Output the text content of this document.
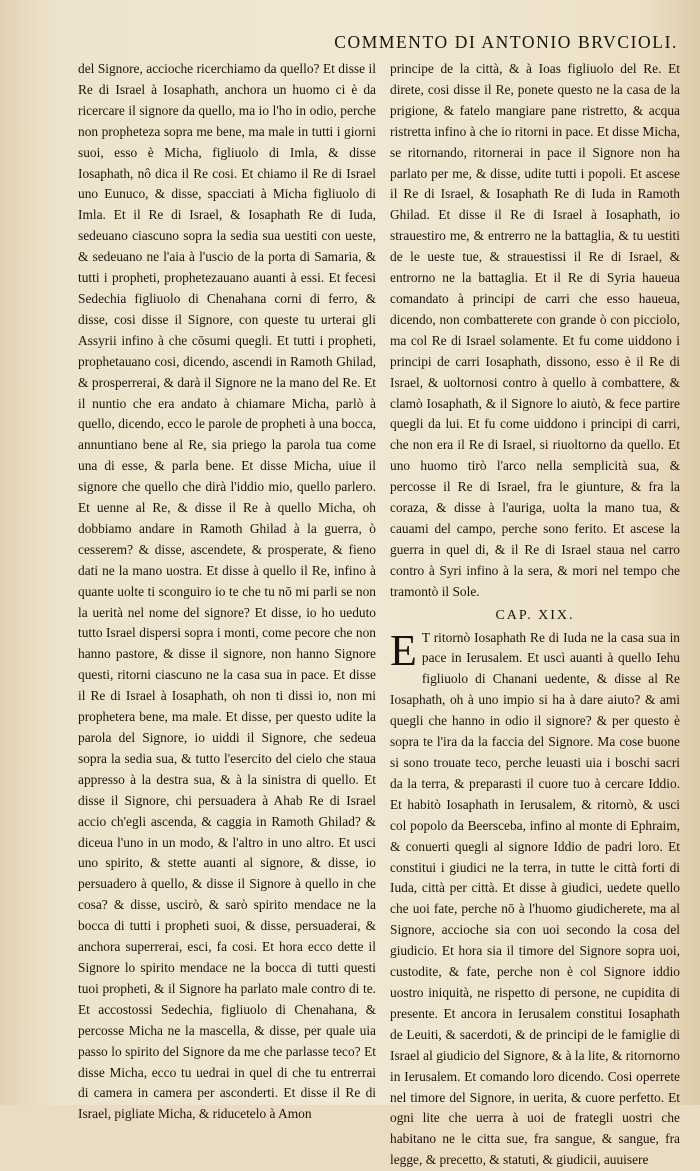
COMMENTO DI ANTONIO BRVCIOLI.

del Signore, accioche ricerchiamo da quello? Et disse il Re di Israel à Iosaphath, anchora un huomo ci è da ricercare il signore da quello, ma io l'ho in odio, perche non propheteza sopra me bene, ma male in tutti i giorni suoi, esso è Micha, figliuolo di Imla, & disse Iosaphath, nô dica il Re cosi. Et chiamo il Re di Israel uno Eunuco, & disse, spacciati à Micha figliuolo di Imla. Et il Re di Israel, & Iosaphath Re di Iuda, sedeuano ciascuno sopra la sedia sua uestiti con ueste, & sedeuano ne l'aia à l'uscio de la porta di Samaria, & tutti i propheti, prophetezauano auanti à essi. Et fecesi Sedechia figliuolo di Chenahana corni di ferro, & disse, cosi disse il Signore, con queste tu urterai gli Assyrii infino à che cōsumi quegli. Et tutti i propheti, prophetauano cosi, dicendo, ascendi in Ramoth Ghilad, & prosperrerai, & darà il Signore ne la mano del Re. Et il nuntio che era andato à chiamare Micha, parlò à quello, dicendo, ecco le parole de propheti à una bocca, annuntiano bene al Re, sia priego la parola tua come una di esse, & parla bene. Et disse Micha, uiue il signore che quello che dirà l'iddio mio, quello parlero. Et uenne al Re, & disse il Re à quello Micha, oh dobbiamo andare in Ramoth Ghilad à la guerra, ò cesserem? & disse, ascendete, & prosperate, & fieno dati ne la mano uostra. Et disse à quello il Re, infino à quante uolte ti sconguiro io te che tu nō mi parli se non la uerità nel nome del signore? Et disse, io ho ueduto tutto Israel dispersi sopra i monti, come pecore che non hanno pastore, & disse il signore, non hanno Signore questi, ritorni ciascuno ne la casa sua in pace. Et disse il Re di Israel à Iosaphath, oh non ti dissi io, non mi prophetera bene, ma male. Et disse, per questo udite la parola del Signore, io uiddi il Signore, che sedeua sopra la sedia sua, & tutto l'esercito del cielo che staua appresso à la destra sua, & à la sinistra di quello. Et disse il Signore, chi persuadera à Ahab Re di Israel accio ch'egli ascenda, & caggia in Ramoth Ghilad? & diceua l'uno in un modo, & l'altro in uno altro. Et usci uno spirito, & stette auanti al signore, & disse, io persuadero à quello, & disse il Signore à quello in che cosa? & disse, uscirò, & sarò spirito mendace ne la bocca di tutti i propheti suoi, & disse, persuaderai, & anchora superrerai, esci, fa cosi. Et hora ecco dette il Signore lo spirito mendace ne la bocca di tutti questi tuoi propheti, & il Signore ha parlato male contro di te. Et accostossi Sedechia, figliuolo di Chenahana, & percosse Micha ne la mascella, & disse, per quale uia passo lo spirito del Signore da me che parlasse teco? Et disse Micha, ecco tu uedrai in quel di che tu entrerrai di camera in camera per asconderti. Et disse il Re di Israel, pigliate Micha, & riducetelo à Amon

principe de la città, & à Ioas figliuolo del Re. Et direte, cosi disse il Re, ponete questo ne la casa de la prigione, & fatelo mangiare pane ristretto, & acqua ristretta infino à che io ritorni in pace. Et disse Micha, se ritornando, ritornerai in pace il Signore non ha parlato per me, & disse, udite tutti i popoli. Et ascese il Re di Israel, & Iosaphath Re di Iuda in Ramoth Ghilad. Et disse il Re di Israel à Iosaphath, io strauestiro me, & entrerro ne la battaglia, & tu uestiti de le ueste tue, & strauestissi il Re di Israel, & entrorno ne la battaglia. Et il Re di Syria haueua comandato à principi de carri che esso haueua, dicendo, non combatterete con grande ò con picciolo, ma col Re di Israel solamente. Et fu come uiddono i principi de carri Iosaphath, dissono, esso è il Re di Israel, & uoltornosi contro à quello à combattere, & clamò Iosaphath, & il Signore lo aiutò, & fece partire quegli da lui. Et fu come uiddono i principi di carri, che non era il Re di Israel, si riuoltorno da quello. Et uno huomo tirò l'arco nella semplicità sua, & percosse il Re di Israel, fra le giunture, & fra la coraza, & disse à l'auriga, uolta la mano tua, & cauami del campo, perche sono ferito. Et ascese la guerra in quel di, & il Re di Israel staua nel carro contro à Syri infino à la sera, & mori nel tempo che tramontò il Sole.

CAP. XIX.

E T ritornò Iosaphath Re di Iuda ne la casa sua in pace in Ierusalem. Et uscì auanti à quello Iehu figliuolo di Chanani uedente, & disse al Re Iosaphath, oh à uno impio si ha à dare aiuto? & ami quegli che hanno in odio il signore? & per questo è sopra te l'ira da la faccia del Signore. Ma cose buone si sono trouate teco, perche leuasti uia i boschi sacri da la terra, & preparasti il cuore tuo à cercare Iddio. Et habitò Iosaphath in Ierusalem, & ritornò, & usci col popolo da Beersceba, infino al monte di Ephraim, & conuerti quegli al signore Iddio de padri loro. Et constitui i giudici ne la terra, in tutte le città forti di Iuda, città per città. Et disse à giudici, uedete quello che uoi fate, perche nō à l'huomo giudicherete, ma al Signore, accioche sia con uoi secondo la cosa del giudicio. Et hora sia il timore del Signore sopra uoi, custodite, & fate, perche non è col Signore iddio uostro iniquità, ne rispetto di persone, ne cupidita di presente. Et ancora in Ierusalem constitui Iosaphath de Leuiti, & sacerdoti, & de principi de le famiglie di Israel al giudicio del Signore, & à la lite, & ritornorno in Ierusalem. Et comando loro dicendo. Cosi operrete nel timore del Signore, in uerita, & cuore perfetto. Et ogni lite che uerra à uoi de frategli uostri che habitano ne le citta sue, fra sangue, & sangue, fra legge, & precetto, & statuti, & giudicii, auuisere
